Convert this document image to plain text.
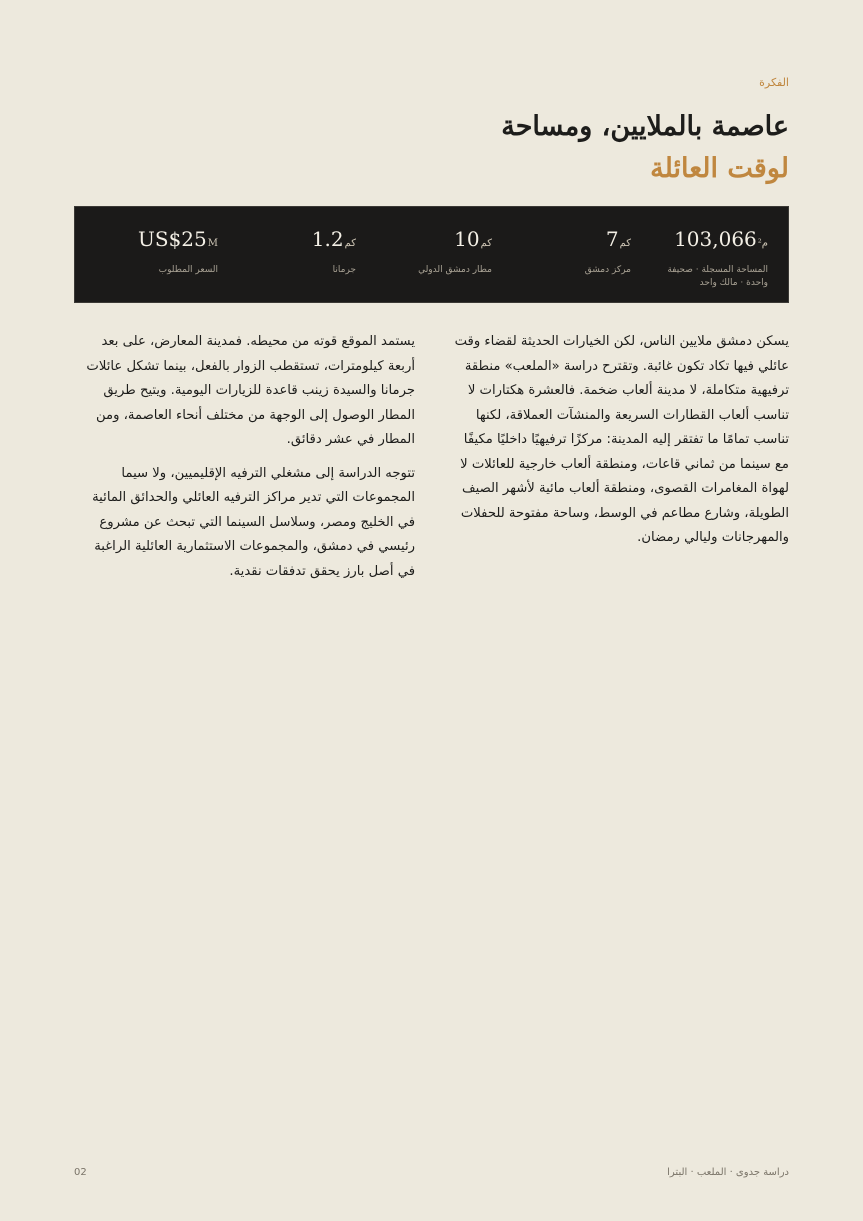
الفكرة
عاصمة بالملايين، ومساحة
لوقت العائلة
103,066م²
المساحة المسجلة · صحيفة واحدة · مالك واحد
7كم
مركز دمشق
10كم
مطار دمشق الدولي
1.2كم
جرمانا
US$25M
السعر المطلوب

يسكن دمشق ملايين الناس، لكن الخيارات الحديثة لقضاء وقت عائلي فيها تكاد تكون غائبة. وتقترح دراسة «الملعب» منطقة ترفيهية متكاملة، لا مدينة ألعاب ضخمة. فالعشرة هكتارات لا تناسب ألعاب القطارات السريعة والمنشآت العملاقة، لكنها تناسب تمامًا ما تفتقر إليه المدينة: مركزًا ترفيهيًا داخليًا مكيفًا مع سينما من ثماني قاعات، ومنطقة ألعاب خارجية للعائلات لا لهواة المغامرات القصوى، ومنطقة ألعاب مائية لأشهر الصيف الطويلة، وشارع مطاعم في الوسط، وساحة مفتوحة للحفلات والمهرجانات وليالي رمضان.

يستمد الموقع قوته من محيطه. فمدينة المعارض، على بعد أربعة كيلومترات، تستقطب الزوار بالفعل، بينما تشكل عائلات جرمانا والسيدة زينب قاعدة للزيارات اليومية. ويتيح طريق المطار الوصول إلى الوجهة من مختلف أنحاء العاصمة، ومن المطار في عشر دقائق.

تتوجه الدراسة إلى مشغلي الترفيه الإقليميين، ولا سيما المجموعات التي تدير مراكز الترفيه العائلي والحدائق المائية في الخليج ومصر، وسلاسل السينما التي تبحث عن مشروع رئيسي في دمشق، والمجموعات الاستثمارية العائلية الراغبة في أصل بارز يحقق تدفقات نقدية.

دراسة جدوى · الملعب · البترا
02
